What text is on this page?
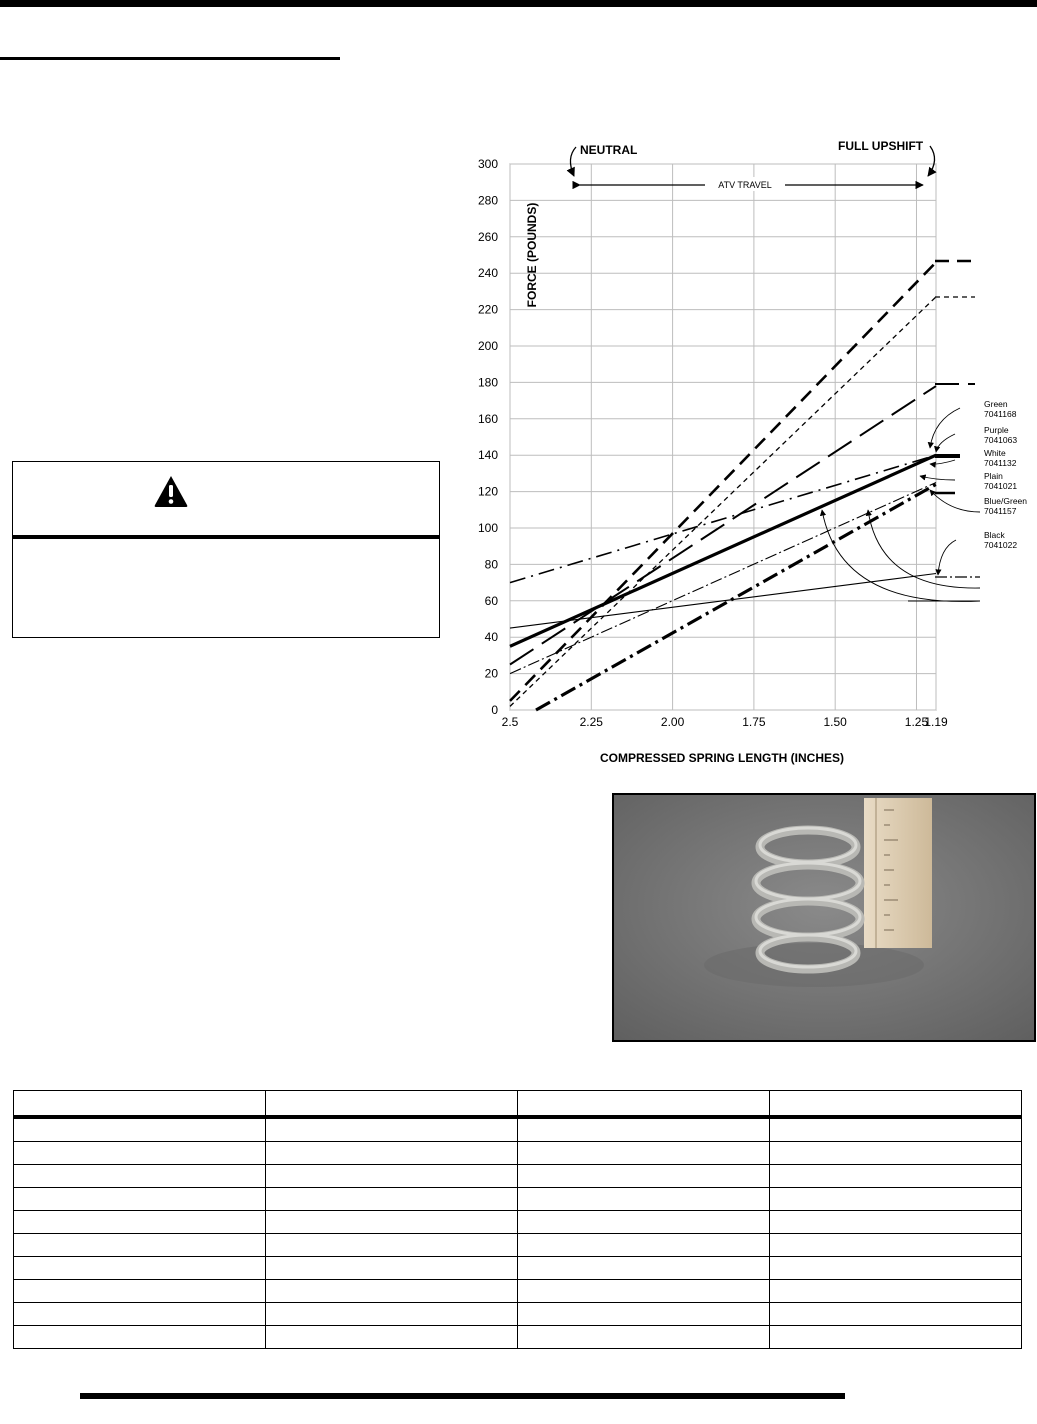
0
20
40
60
80
100
120
140
160
180
200
220
240
260
280
300
2.5	2.25	2.00	1.75	1.50	1.25
1.19
NEUTRAL	FULL UPSHIFT
ATV TRAVEL
FORCE (POUNDS)
COMPRESSED SPRING LENGTH (INCHES)
Green
7041168
Purple
7041063
White
7041132
Plain
7041021
Blue/Green
7041157
Black
7041022
